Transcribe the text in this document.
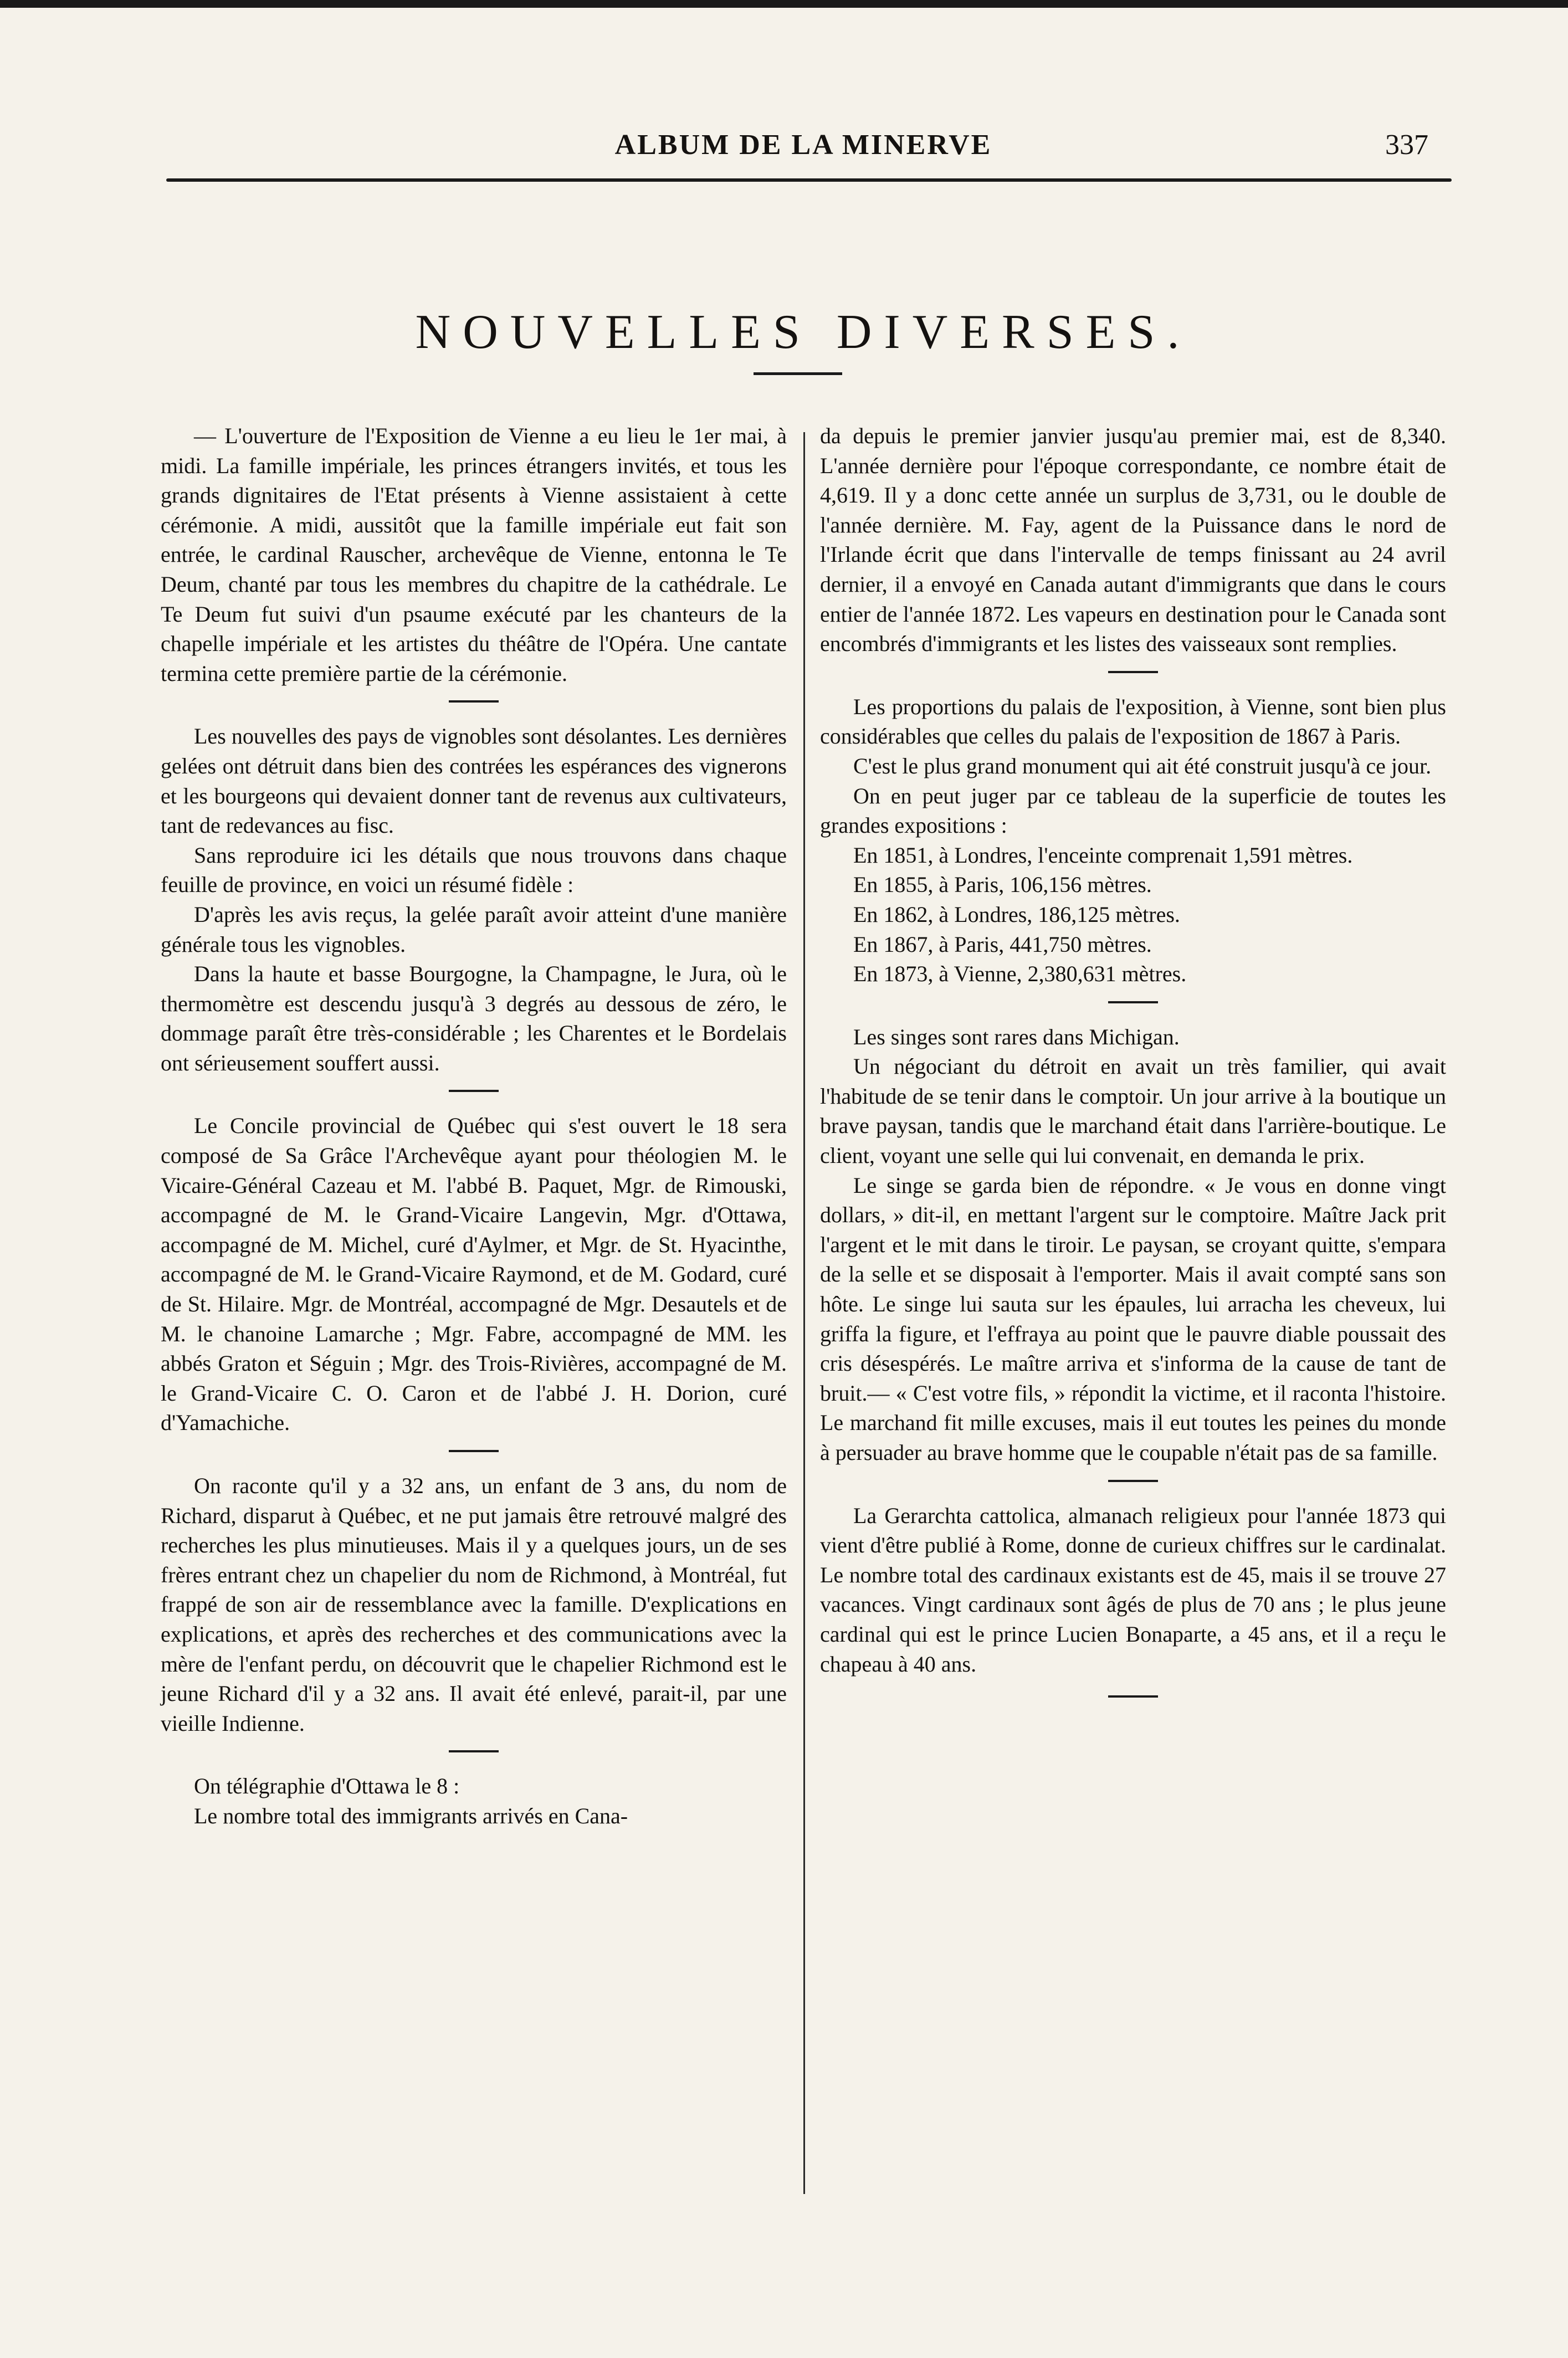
ALBUM DE LA MINERVE	337
NOUVELLES DIVERSES.

— L'ouverture de l'Exposition de Vienne a eu lieu le 1er mai, à midi. La famille impériale, les princes étrangers invités, et tous les grands dignitaires de l'Etat présents à Vienne assistaient à cette cérémonie. A midi, aussitôt que la famille impériale eut fait son entrée, le cardinal Rauscher, archevêque de Vienne, entonna le Te Deum, chanté par tous les membres du chapitre de la cathédrale. Le Te Deum fut suivi d'un psaume exécuté par les chanteurs de la chapelle impériale et les artistes du théâtre de l'Opéra. Une cantate termina cette première partie de la cérémonie.

Les nouvelles des pays de vignobles sont désolantes. Les dernières gelées ont détruit dans bien des contrées les espérances des vignerons et les bourgeons qui devaient donner tant de revenus aux cultivateurs, tant de redevances au fisc.

Sans reproduire ici les détails que nous trouvons dans chaque feuille de province, en voici un résumé fidèle :

D'après les avis reçus, la gelée paraît avoir atteint d'une manière générale tous les vignobles.

Dans la haute et basse Bourgogne, la Champagne, le Jura, où le thermomètre est descendu jusqu'à 3 degrés au dessous de zéro, le dommage paraît être très-considérable ; les Charentes et le Bordelais ont sérieusement souffert aussi.

Le Concile provincial de Québec qui s'est ouvert le 18 sera composé de Sa Grâce l'Archevêque ayant pour théologien M. le Vicaire-Général Cazeau et M. l'abbé B. Paquet, Mgr. de Rimouski, accompagné de M. le Grand-Vicaire Langevin, Mgr. d'Ottawa, accompagné de M. Michel, curé d'Aylmer, et Mgr. de St. Hyacinthe, accompagné de M. le Grand-Vicaire Raymond, et de M. Godard, curé de St. Hilaire. Mgr. de Montréal, accompagné de Mgr. Desautels et de M. le chanoine Lamarche ; Mgr. Fabre, accompagné de MM. les abbés Graton et Séguin ; Mgr. des Trois-Rivières, accompagné de M. le Grand-Vicaire C. O. Caron et de l'abbé J. H. Dorion, curé d'Yamachiche.

On raconte qu'il y a 32 ans, un enfant de 3 ans, du nom de Richard, disparut à Québec, et ne put jamais être retrouvé malgré des recherches les plus minutieuses. Mais il y a quelques jours, un de ses frères entrant chez un chapelier du nom de Richmond, à Montréal, fut frappé de son air de ressemblance avec la famille. D'explications en explications, et après des recherches et des communications avec la mère de l'enfant perdu, on découvrit que le chapelier Richmond est le jeune Richard d'il y a 32 ans. Il avait été enlevé, parait-il, par une vieille Indienne.

On télégraphie d'Ottawa le 8 :

Le nombre total des immigrants arrivés en Cana-

da depuis le premier janvier jusqu'au premier mai, est de 8,340. L'année dernière pour l'époque correspondante, ce nombre était de 4,619. Il y a donc cette année un surplus de 3,731, ou le double de l'année dernière. M. Fay, agent de la Puissance dans le nord de l'Irlande écrit que dans l'intervalle de temps finissant au 24 avril dernier, il a envoyé en Canada autant d'immigrants que dans le cours entier de l'année 1872. Les vapeurs en destination pour le Canada sont encombrés d'immigrants et les listes des vaisseaux sont remplies.

Les proportions du palais de l'exposition, à Vienne, sont bien plus considérables que celles du palais de l'exposition de 1867 à Paris.

C'est le plus grand monument qui ait été construit jusqu'à ce jour.

On en peut juger par ce tableau de la superficie de toutes les grandes expositions :

En 1851, à Londres, l'enceinte comprenait 1,591 mètres.

En 1855, à Paris, 106,156 mètres.

En 1862, à Londres, 186,125 mètres.

En 1867, à Paris, 441,750 mètres.

En 1873, à Vienne, 2,380,631 mètres.

Les singes sont rares dans Michigan.

Un négociant du détroit en avait un très familier, qui avait l'habitude de se tenir dans le comptoir. Un jour arrive à la boutique un brave paysan, tandis que le marchand était dans l'arrière-boutique. Le client, voyant une selle qui lui convenait, en demanda le prix.

Le singe se garda bien de répondre. « Je vous en donne vingt dollars, » dit-il, en mettant l'argent sur le comptoire. Maître Jack prit l'argent et le mit dans le tiroir. Le paysan, se croyant quitte, s'empara de la selle et se disposait à l'emporter. Mais il avait compté sans son hôte. Le singe lui sauta sur les épaules, lui arracha les cheveux, lui griffa la figure, et l'effraya au point que le pauvre diable poussait des cris désespérés. Le maître arriva et s'informa de la cause de tant de bruit.— « C'est votre fils, » répondit la victime, et il raconta l'histoire. Le marchand fit mille excuses, mais il eut toutes les peines du monde à persuader au brave homme que le coupable n'était pas de sa famille.

La Gerarchta cattolica, almanach religieux pour l'année 1873 qui vient d'être publié à Rome, donne de curieux chiffres sur le cardinalat. Le nombre total des cardinaux existants est de 45, mais il se trouve 27 vacances. Vingt cardinaux sont âgés de plus de 70 ans ; le plus jeune cardinal qui est le prince Lucien Bonaparte, a 45 ans, et il a reçu le chapeau à 40 ans.
